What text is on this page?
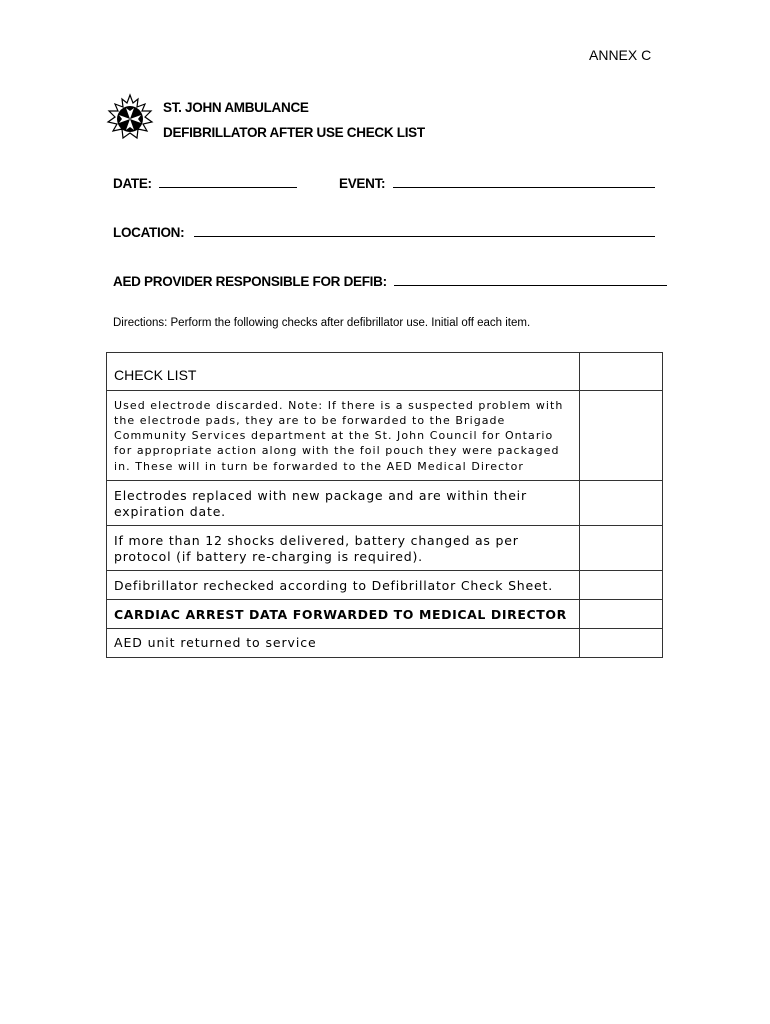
ANNEX C
ST. JOHN AMBULANCE
DEFIBRILLATOR AFTER USE CHECK LIST
DATE:	EVENT:
LOCATION:
AED PROVIDER RESPONSIBLE FOR DEFIB:
Directions: Perform the following checks after defibrillator use. Initial off each item.
CHECK LIST	
Used electrode discarded. Note: If there is a suspected problem with the electrode pads, they are to be forwarded to the Brigade Community Services department at the St. John Council for Ontario for appropriate action along with the foil pouch they were packaged in. These will in turn be forwarded to the AED Medical Director	
Electrodes replaced with new package and are within their expiration date.	
If more than 12 shocks delivered, battery changed as per protocol (if battery re-charging is required).	
Defibrillator rechecked according to Defibrillator Check Sheet.	
CARDIAC ARREST DATA FORWARDED TO MEDICAL DIRECTOR	
AED unit returned to service	
